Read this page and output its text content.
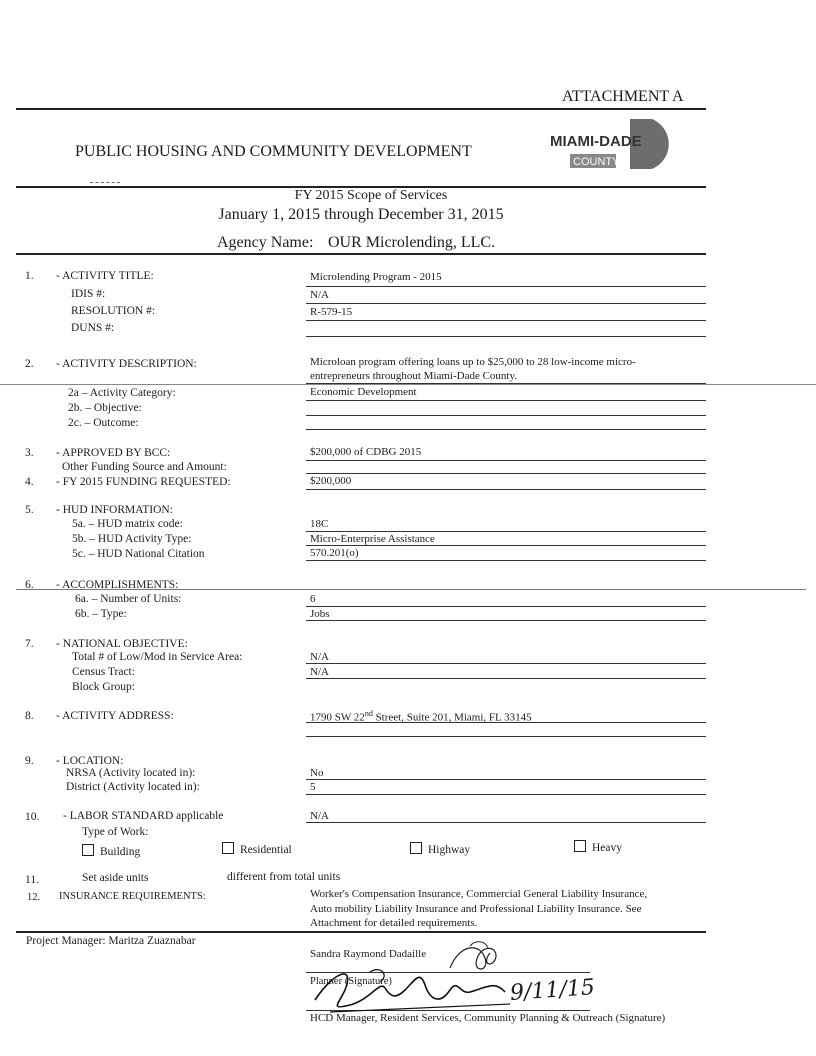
ATTACHMENT A
PUBLIC HOUSING AND COMMUNITY DEVELOPMENT
MIAMI-DADE
COUNTY
FY 2015 Scope of Services
January 1, 2015 through December 31, 2015
Agency Name: OUR Microlending, LLC.
1. - ACTIVITY TITLE:	Microlending Program - 2015
IDIS #:	N/A
RESOLUTION #:	R-579-15
DUNS #:
2. - ACTIVITY DESCRIPTION:	Microloan program offering loans up to $25,000 to 28 low-income micro-
entrepreneurs throughout Miami-Dade County.
2a – Activity Category:	Economic Development
2b. – Objective:
2c. – Outcome:
3. - APPROVED BY BCC:	$200,000 of CDBG 2015
Other Funding Source and Amount:
4. - FY 2015 FUNDING REQUESTED:	$200,000
5. - HUD INFORMATION:
5a. – HUD matrix code:	18C
5b. – HUD Activity Type:	Micro-Enterprise Assistance
5c. – HUD National Citation	570.201(o)
6. - ACCOMPLISHMENTS:
6a. – Number of Units:	6
6b. – Type:	Jobs
7. - NATIONAL OBJECTIVE:
Total # of Low/Mod in Service Area:	N/A
Census Tract:	N/A
Block Group:
8. - ACTIVITY ADDRESS:	1790 SW 22nd Street, Suite 201, Miami, FL 33145
9. - LOCATION:
NRSA (Activity located in):	No
District (Activity located in):	5
10. - LABOR STANDARD applicable	N/A
Type of Work:
Building	Residential	Highway	Heavy
11.	Set aside units	different from total units
12. INSURANCE REQUIREMENTS:	Worker's Compensation Insurance, Commercial General Liability Insurance,
Auto mobility Liability Insurance and Professional Liability Insurance. See
Attachment for detailed requirements.
Project Manager: Maritza Zuaznabar
Sandra Raymond Dadaille
Planner (Signature)
HCD Manager, Resident Services, Community Planning & Outreach (Signature)
9/11/15
